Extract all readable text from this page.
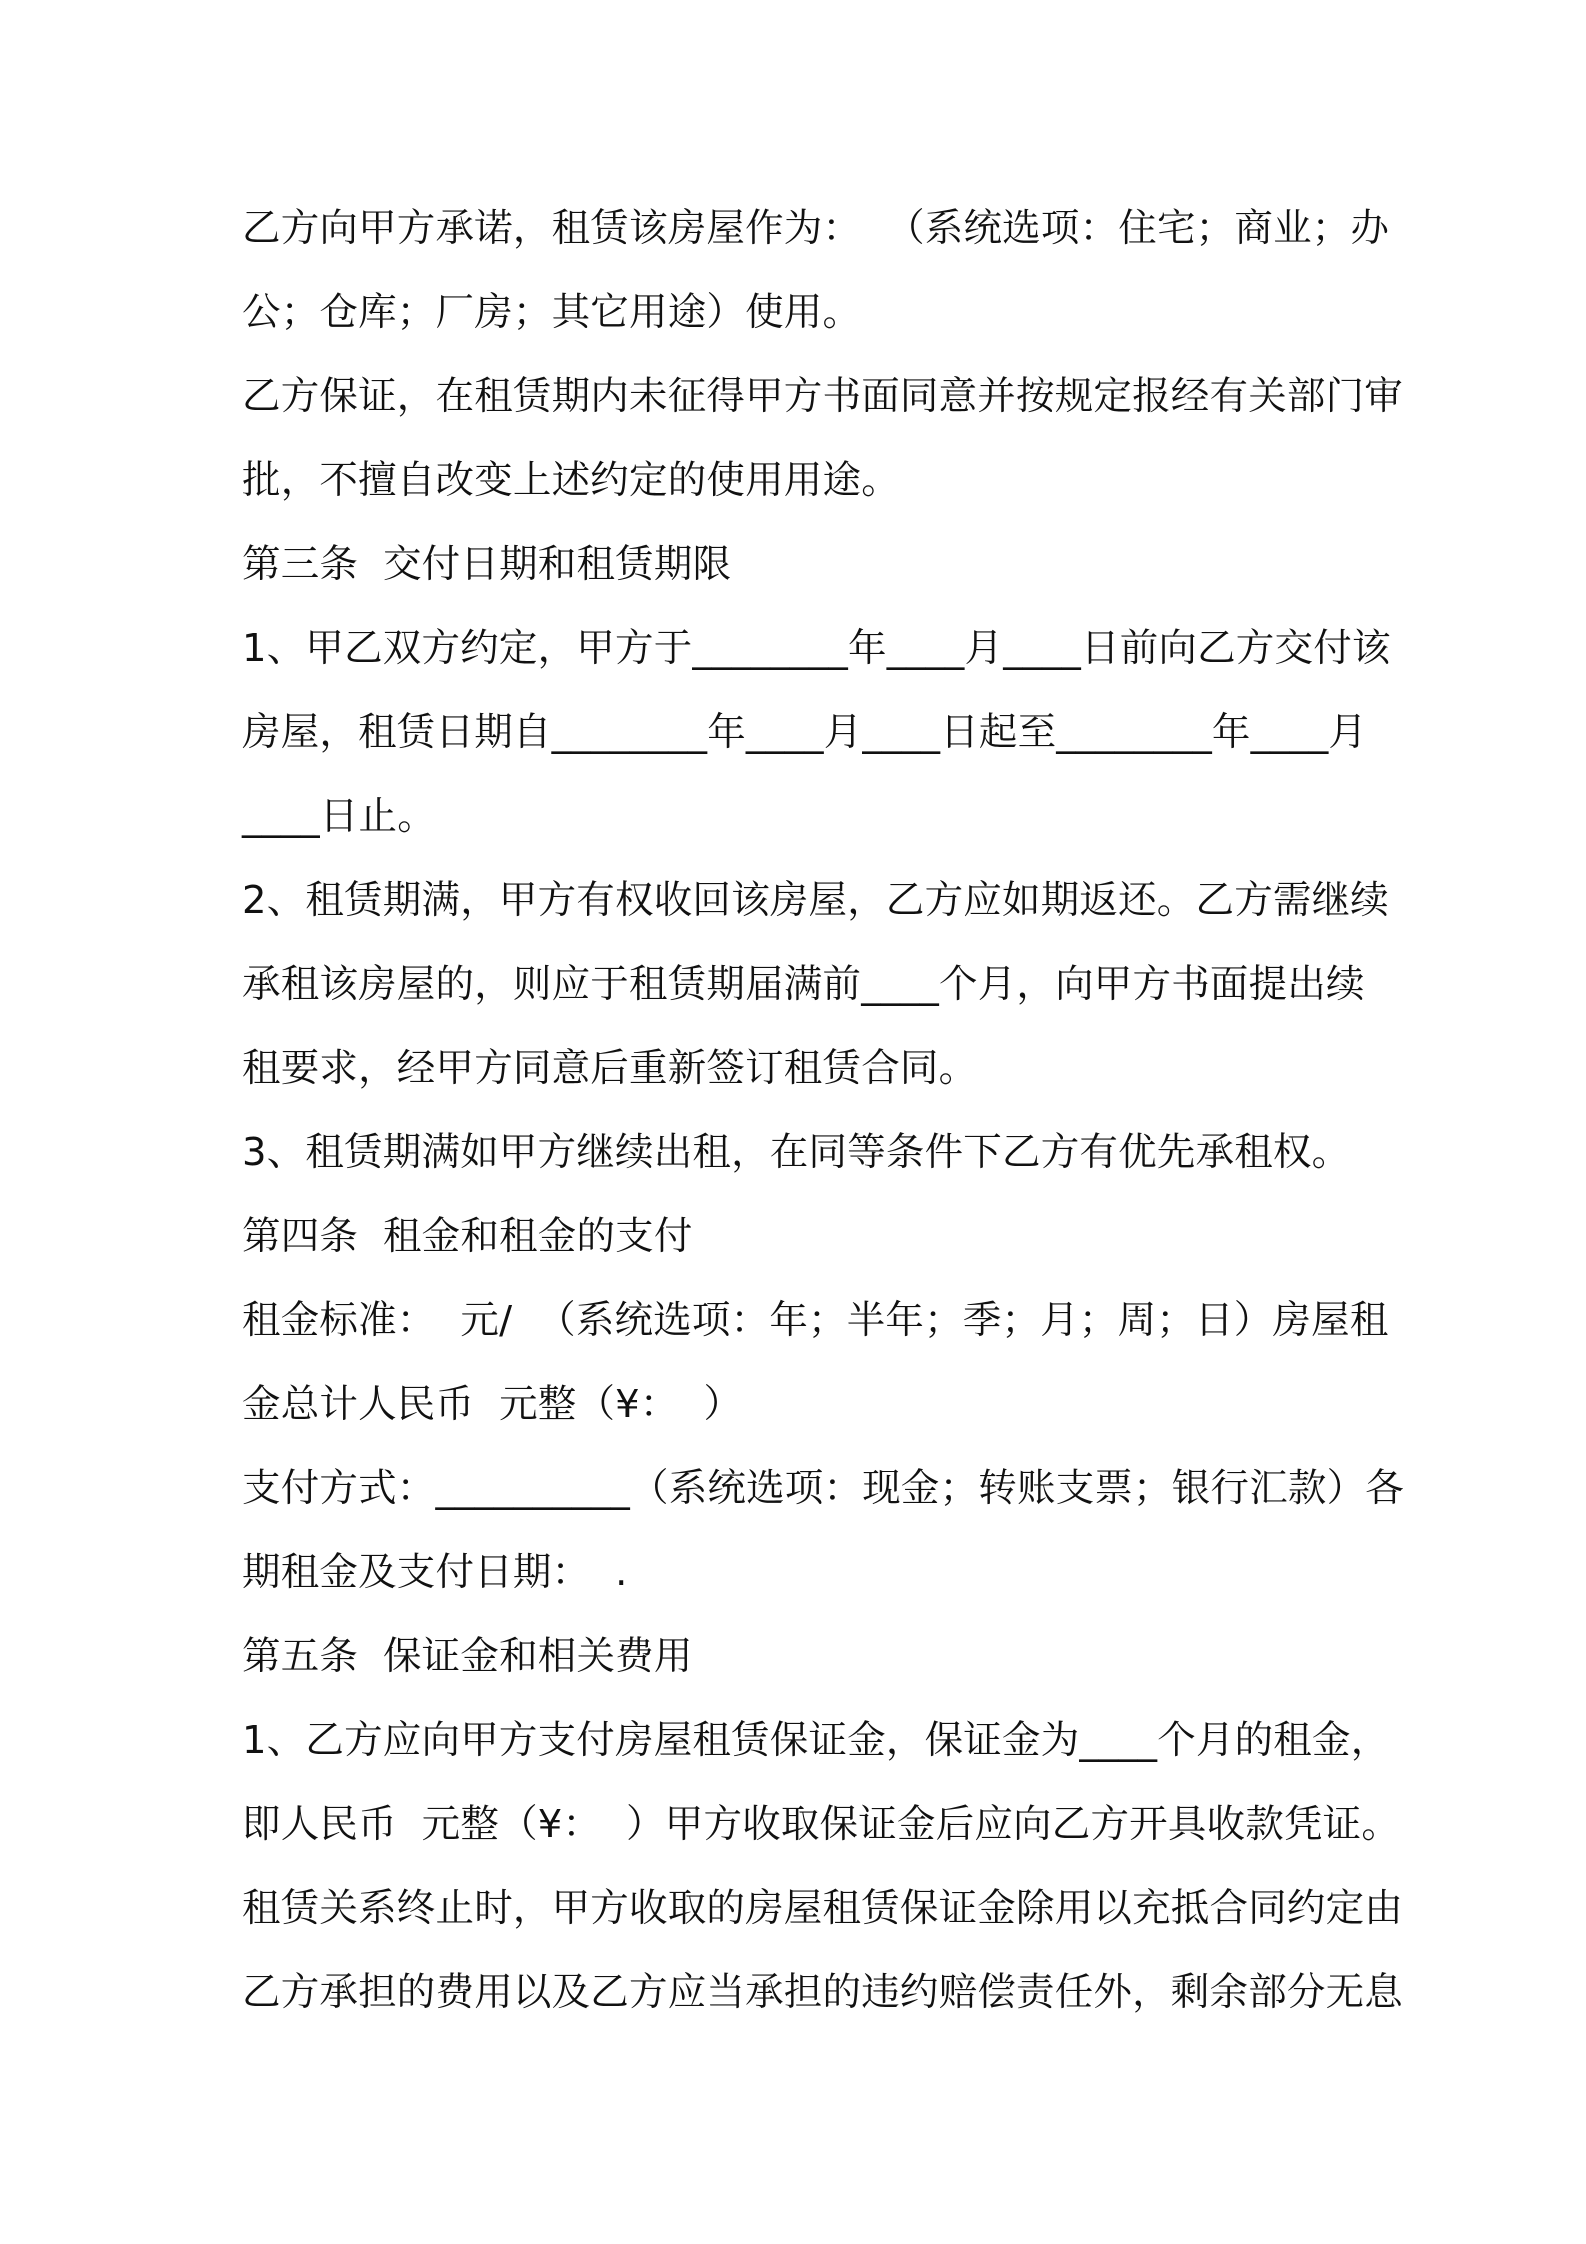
乙方向甲方承诺，租赁该房屋作为：  （系统选项：住宅；商业；办
公；仓库；厂房；其它用途）使用。
乙方保证，在租赁期内未征得甲方书面同意并按规定报经有关部门审
批，不擅自改变上述约定的使用用途。
第三条  交付日期和租赁期限
1、甲乙双方约定，甲方于________年____月____日前向乙方交付该
房屋，租赁日期自________年____月____日起至________年____月
____日止。
2、租赁期满，甲方有权收回该房屋，乙方应如期返还。乙方需继续
承租该房屋的，则应于租赁期届满前____个月，向甲方书面提出续
租要求，经甲方同意后重新签订租赁合同。
3、租赁期满如甲方继续出租，在同等条件下乙方有优先承租权。
第四条  租金和租金的支付
租金标准：  元/  （系统选项：年；半年；季；月；周；日）房屋租
金总计人民币  元整（¥：  ）
支付方式：__________（系统选项：现金；转账支票；银行汇款）各
期租金及支付日期：  .
第五条  保证金和相关费用
1、乙方应向甲方支付房屋租赁保证金，保证金为____个月的租金，
即人民币  元整（¥：  ）甲方收取保证金后应向乙方开具收款凭证。
租赁关系终止时，甲方收取的房屋租赁保证金除用以充抵合同约定由
乙方承担的费用以及乙方应当承担的违约赔偿责任外，剩余部分无息
